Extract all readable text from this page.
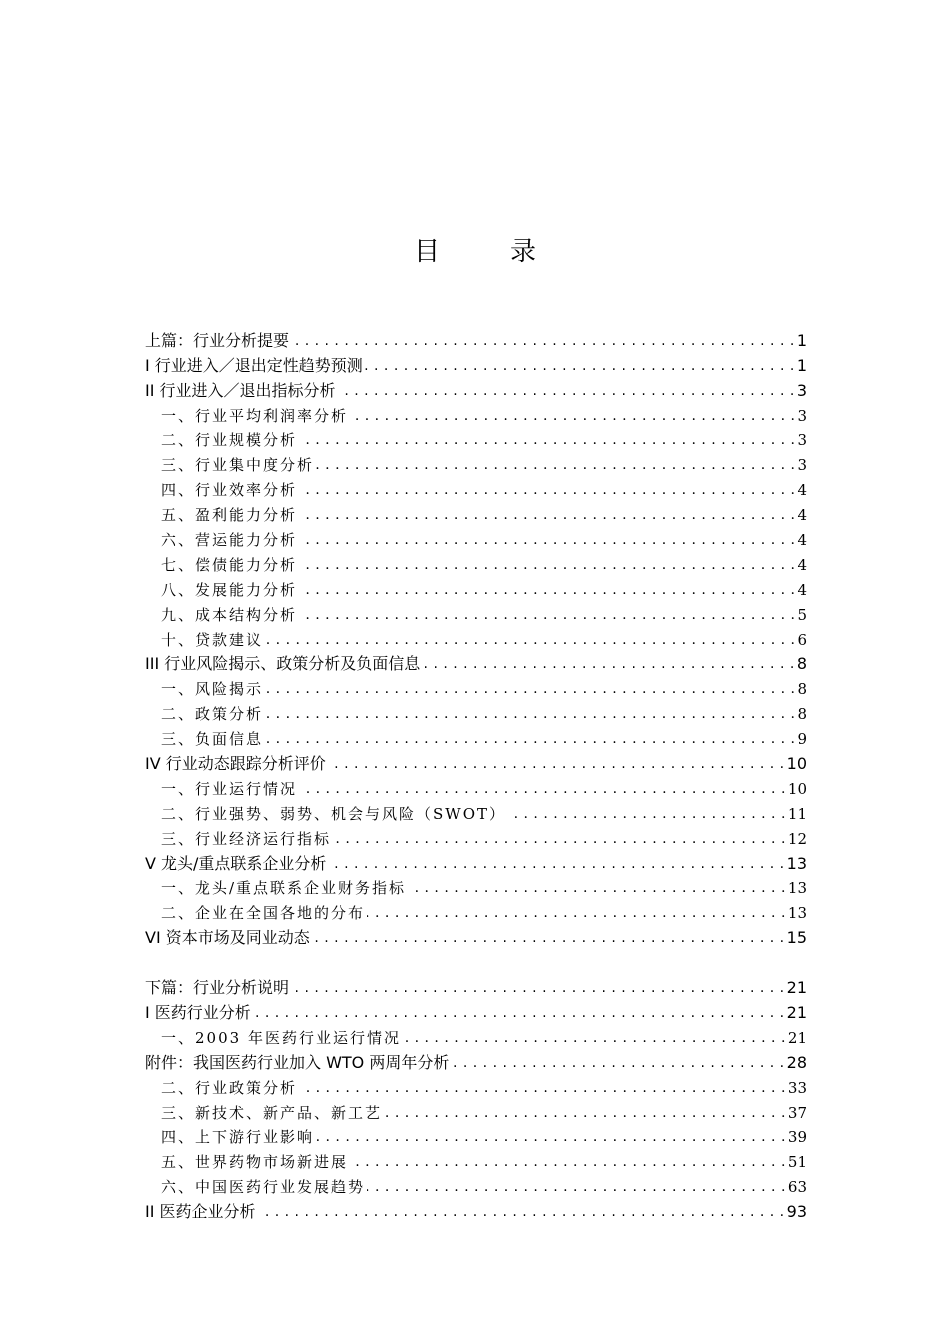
目　录
上篇：行业分析提要 . . .	1
I 行业进入／退出定性趋势预测 . . .	1
II 行业进入／退出指标分析 . . .	3
一、行业平均利润率分析 . . .	3
二、行业规模分析 . . .	3
三、行业集中度分析 . . .	3
四、行业效率分析 . . .	4
五、盈利能力分析 . . .	4
六、营运能力分析 . . .	4
七、偿债能力分析 . . .	4
八、发展能力分析 . . .	4
九、成本结构分析 . . .	5
十、贷款建议 . . .	6
III 行业风险揭示、政策分析及负面信息 . . .	8
一、风险揭示 . . .	8
二、政策分析 . . .	8
三、负面信息 . . .	9
IV 行业动态跟踪分析评价 . . .	10
一、行业运行情况 . . .	10
二、行业强势、弱势、机会与风险（SWOT） . . .	11
三、行业经济运行指标 . . .	12
V 龙头/重点联系企业分析 . . .	13
一、龙头/重点联系企业财务指标 . . .	13
二、企业在全国各地的分布 . . .	13
VI 资本市场及同业动态 . . .	15
下篇：行业分析说明 . . .	21
I 医药行业分析 . . .	21
一、2003 年医药行业运行情况 . . .	21
附件：我国医药行业加入 WTO 两周年分析 . . .	28
二、行业政策分析 . . .	33
三、新技术、新产品、新工艺 . . .	37
四、上下游行业影响 . . .	39
五、世界药物市场新进展 . . .	51
六、中国医药行业发展趋势 . . .	63
II 医药企业分析 . . .	93
